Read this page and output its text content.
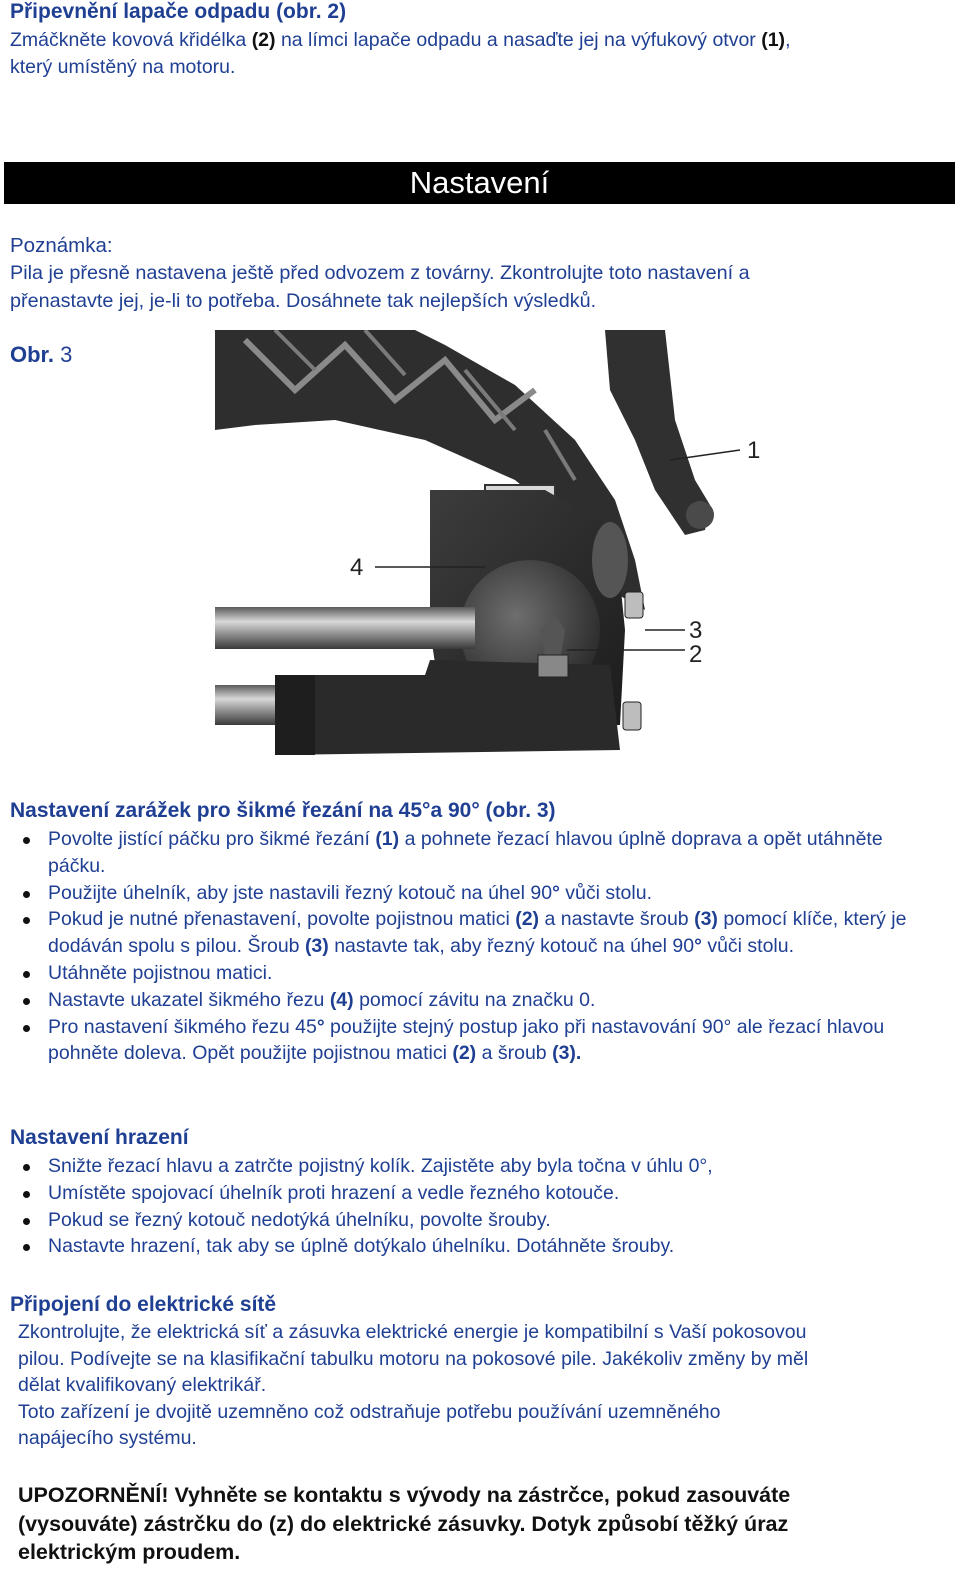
Připevnění lapače odpadu (obr. 2)
Zmáčkněte kovová křidélka (2) na límci lapače odpadu a nasaďte jej na výfukový otvor (1),
který umístěný na motoru.
Nastavení
Poznámka:
Pila je přesně nastavena ještě před odvozem z továrny. Zkontrolujte toto nastavení a
přenastavte jej, je-li to potřeba. Dosáhnete tak nejlepších výsledků.
Obr. 3
1
4
3
2
Nastavení zarážek pro šikmé řezání na 45°a 90° (obr. 3)
Povolte jistící páčku pro šikmé řezání (1) a pohnete řezací hlavou úplně doprava a opět utáhněte páčku.
Použijte úhelník, aby jste nastavili řezný kotouč na úhel 90° vůči stolu.
Pokud je nutné přenastavení, povolte pojistnou matici (2) a nastavte šroub (3) pomocí klíče, který je dodáván spolu s pilou. Šroub (3) nastavte tak, aby řezný kotouč na úhel 90° vůči stolu.
Utáhněte pojistnou matici.
Nastavte ukazatel šikmého řezu (4) pomocí závitu na značku 0.
Pro nastavení šikmého řezu 45° použijte stejný postup jako při nastavování 90° ale řezací hlavou pohněte doleva. Opět použijte pojistnou matici (2) a šroub (3).
Nastavení hrazení
Snižte řezací hlavu a zatrčte pojistný kolík. Zajistěte aby byla točna v úhlu 0°,
Umístěte spojovací úhelník proti hrazení a vedle řezného kotouče.
Pokud se řezný kotouč nedotýká úhelníku, povolte šrouby.
Nastavte hrazení, tak aby se úplně dotýkalo úhelníku. Dotáhněte šrouby.
Připojení do elektrické sítě
Zkontrolujte, že elektrická síť a zásuvka elektrické energie je kompatibilní s Vaší pokosovou
pilou. Podívejte se na klasifikační tabulku motoru na pokosové pile. Jakékoliv změny by měl
dělat kvalifikovaný elektrikář.
Toto zařízení je dvojitě uzemněno což odstraňuje potřebu používání uzemněného
napájecího systému.
UPOZORNĚNÍ! Vyhněte se kontaktu s vývody na zástrčce, pokud zasouváte
(vysouváte) zástrčku do (z) do elektrické zásuvky. Dotyk způsobí těžký úraz
elektrickým proudem.
